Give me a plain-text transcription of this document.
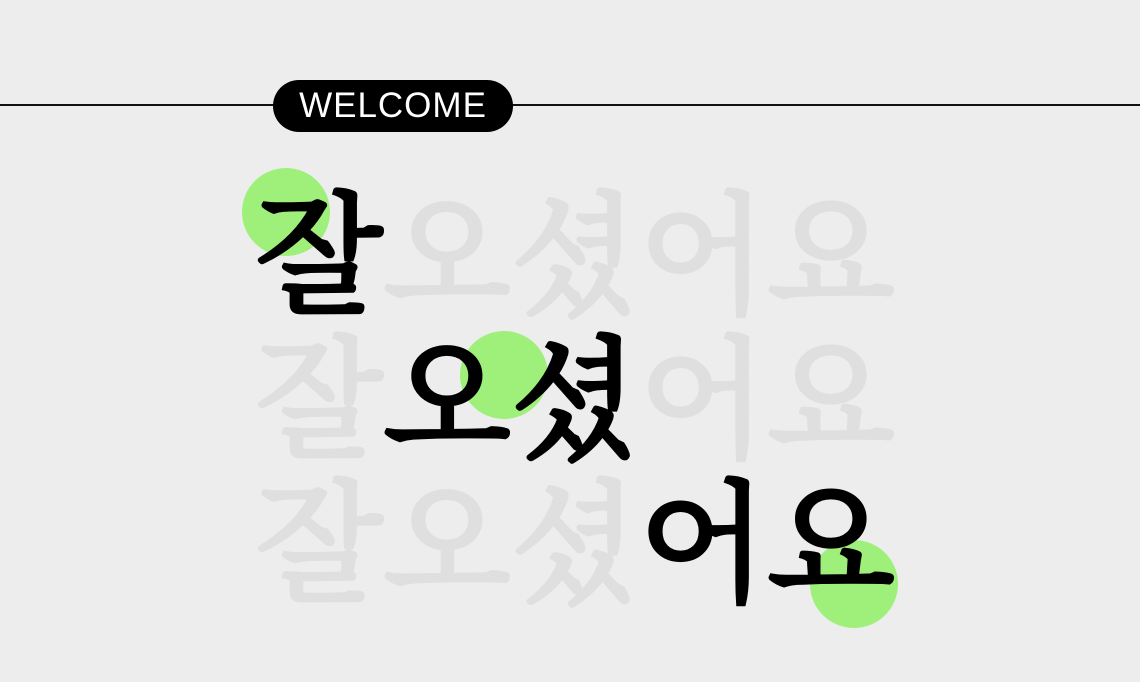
WELCOME
잘 오 셨 어 요
잘 오 셨 어 요
잘 오 셨 어 요
